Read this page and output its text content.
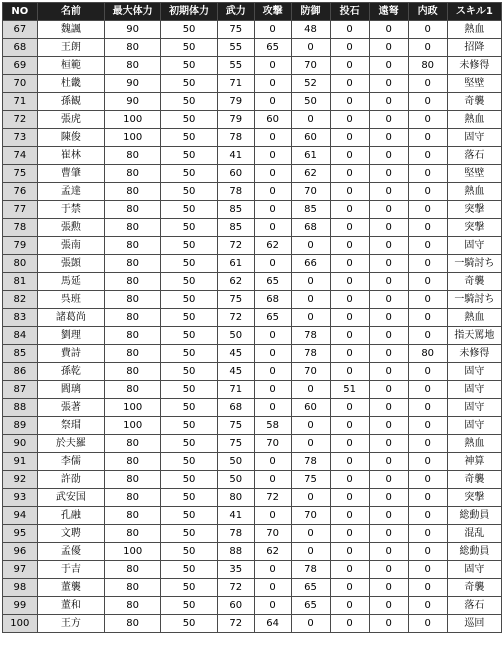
NO	名前	最大体力	初期体力	武力	攻撃	防御	投石	遠弩	内政	スキル1
67	魏諷	90	50	75	0	48	0	0	0	熱血
68	王朗	80	50	55	65	0	0	0	0	招降
69	桓範	80	50	55	0	70	0	0	80	未修得
70	杜畿	90	50	71	0	52	0	0	0	堅壁
71	孫観	90	50	79	0	50	0	0	0	奇襲
72	張虎	100	50	79	60	0	0	0	0	熱血
73	陳俊	100	50	78	0	60	0	0	0	固守
74	崔林	80	50	41	0	61	0	0	0	落石
75	曹肇	80	50	60	0	62	0	0	0	堅壁
76	孟達	80	50	78	0	70	0	0	0	熱血
77	于禁	80	50	85	0	85	0	0	0	突撃
78	張勲	80	50	85	0	68	0	0	0	突撃
79	張南	80	50	72	62	0	0	0	0	固守
80	張顗	80	50	61	0	66	0	0	0	一騎討ち
81	馬延	80	50	62	65	0	0	0	0	奇襲
82	呉班	80	50	75	68	0	0	0	0	一騎討ち
83	諸葛尚	80	50	72	65	0	0	0	0	熱血
84	劉理	80	50	50	0	78	0	0	0	指天罵地
85	費詩	80	50	45	0	78	0	0	80	未修得
86	孫乾	80	50	45	0	70	0	0	0	固守
87	閻璃	80	50	71	0	0	51	0	0	固守
88	張著	100	50	68	0	60	0	0	0	固守
89	祭瑁	100	50	75	58	0	0	0	0	固守
90	於夫羅	80	50	75	70	0	0	0	0	熱血
91	李儒	80	50	50	0	78	0	0	0	神算
92	許劭	80	50	50	0	75	0	0	0	奇襲
93	武安国	80	50	80	72	0	0	0	0	突撃
94	孔融	80	50	41	0	70	0	0	0	総動員
95	文聘	80	50	78	70	0	0	0	0	混乱
96	孟優	100	50	88	62	0	0	0	0	総動員
97	于吉	80	50	35	0	78	0	0	0	固守
98	董襲	80	50	72	0	65	0	0	0	奇襲
99	董和	80	50	60	0	65	0	0	0	落石
100	王方	80	50	72	64	0	0	0	0	巡回
